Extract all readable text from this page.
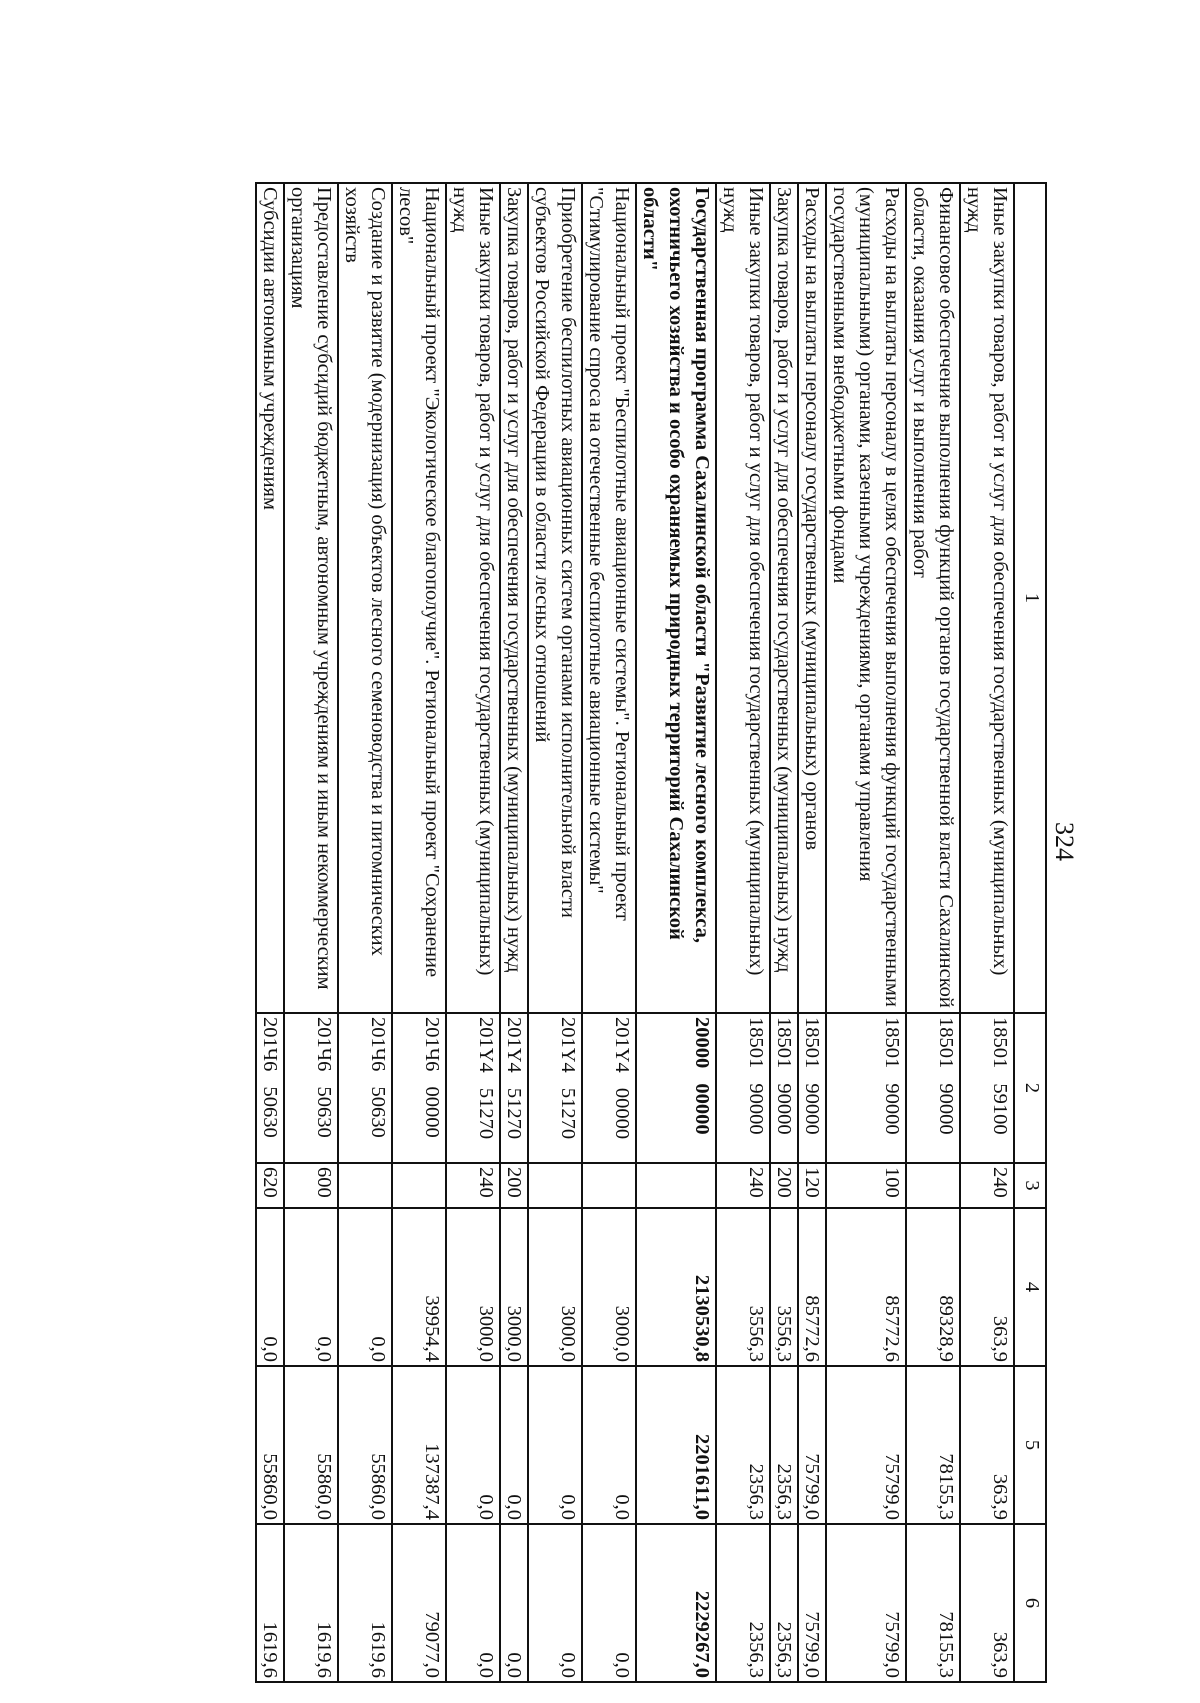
324
1	2	3	4	5	6
Иные закупки товаров, работ и услуг для обеспечения государственных (муниципальных) нужд	18501 59100	240	363,9	363,9	363,9
Финансовое обеспечение выполнения функций органов государственной власти Сахалинской области, оказания услуг и выполнения работ	18501 90000		89328,9	78155,3	78155,3
Расходы на выплаты персоналу в целях обеспечения выполнения функций государственными (муниципальными) органами, казенными учреждениями, органами управления государственными внебюджетными фондами	18501 90000	100	85772,6	75799,0	75799,0
Расходы на выплаты персоналу государственных (муниципальных) органов	18501 90000	120	85772,6	75799,0	75799,0
Закупка товаров, работ и услуг для обеспечения государственных (муниципальных) нужд	18501 90000	200	3556,3	2356,3	2356,3
Иные закупки товаров, работ и услуг для обеспечения государственных (муниципальных) нужд	18501 90000	240	3556,3	2356,3	2356,3
Государственная программа Сахалинской области "Развитие лесного комплекса, охотничьего хозяйства и особо охраняемых природных территорий Сахалинской области"	20000 00000		2130530,8	2201611,0	2229267,0
Национальный проект "Беспилотные авиационные системы". Региональный проект "Стимулирование спроса на отечественные беспилотные авиационные системы"	201Y4 00000		3000,0	0,0	0,0
Приобретение беспилотных авиационных систем органами исполнительной власти субъектов Российской Федерации в области лесных отношений	201Y4 51270		3000,0	0,0	0,0
Закупка товаров, работ и услуг для обеспечения государственных (муниципальных) нужд	201Y4 51270	200	3000,0	0,0	0,0
Иные закупки товаров, работ и услуг для обеспечения государственных (муниципальных) нужд	201Y4 51270	240	3000,0	0,0	0,0
Национальный проект "Экологическое благополучие". Региональный проект "Сохранение лесов"	201Ч6 00000		39954,4	137387,4	79077,0
Создание и развитие (модернизация) объектов лесного семеноводства и питомнических хозяйств	201Ч6 50630		0,0	55860,0	1619,6
Предоставление субсидий бюджетным, автономным учреждениям и иным некоммерческим организациям	201Ч6 50630	600	0,0	55860,0	1619,6
Субсидии автономным учреждениям	201Ч6 50630	620	0,0	55860,0	1619,6
